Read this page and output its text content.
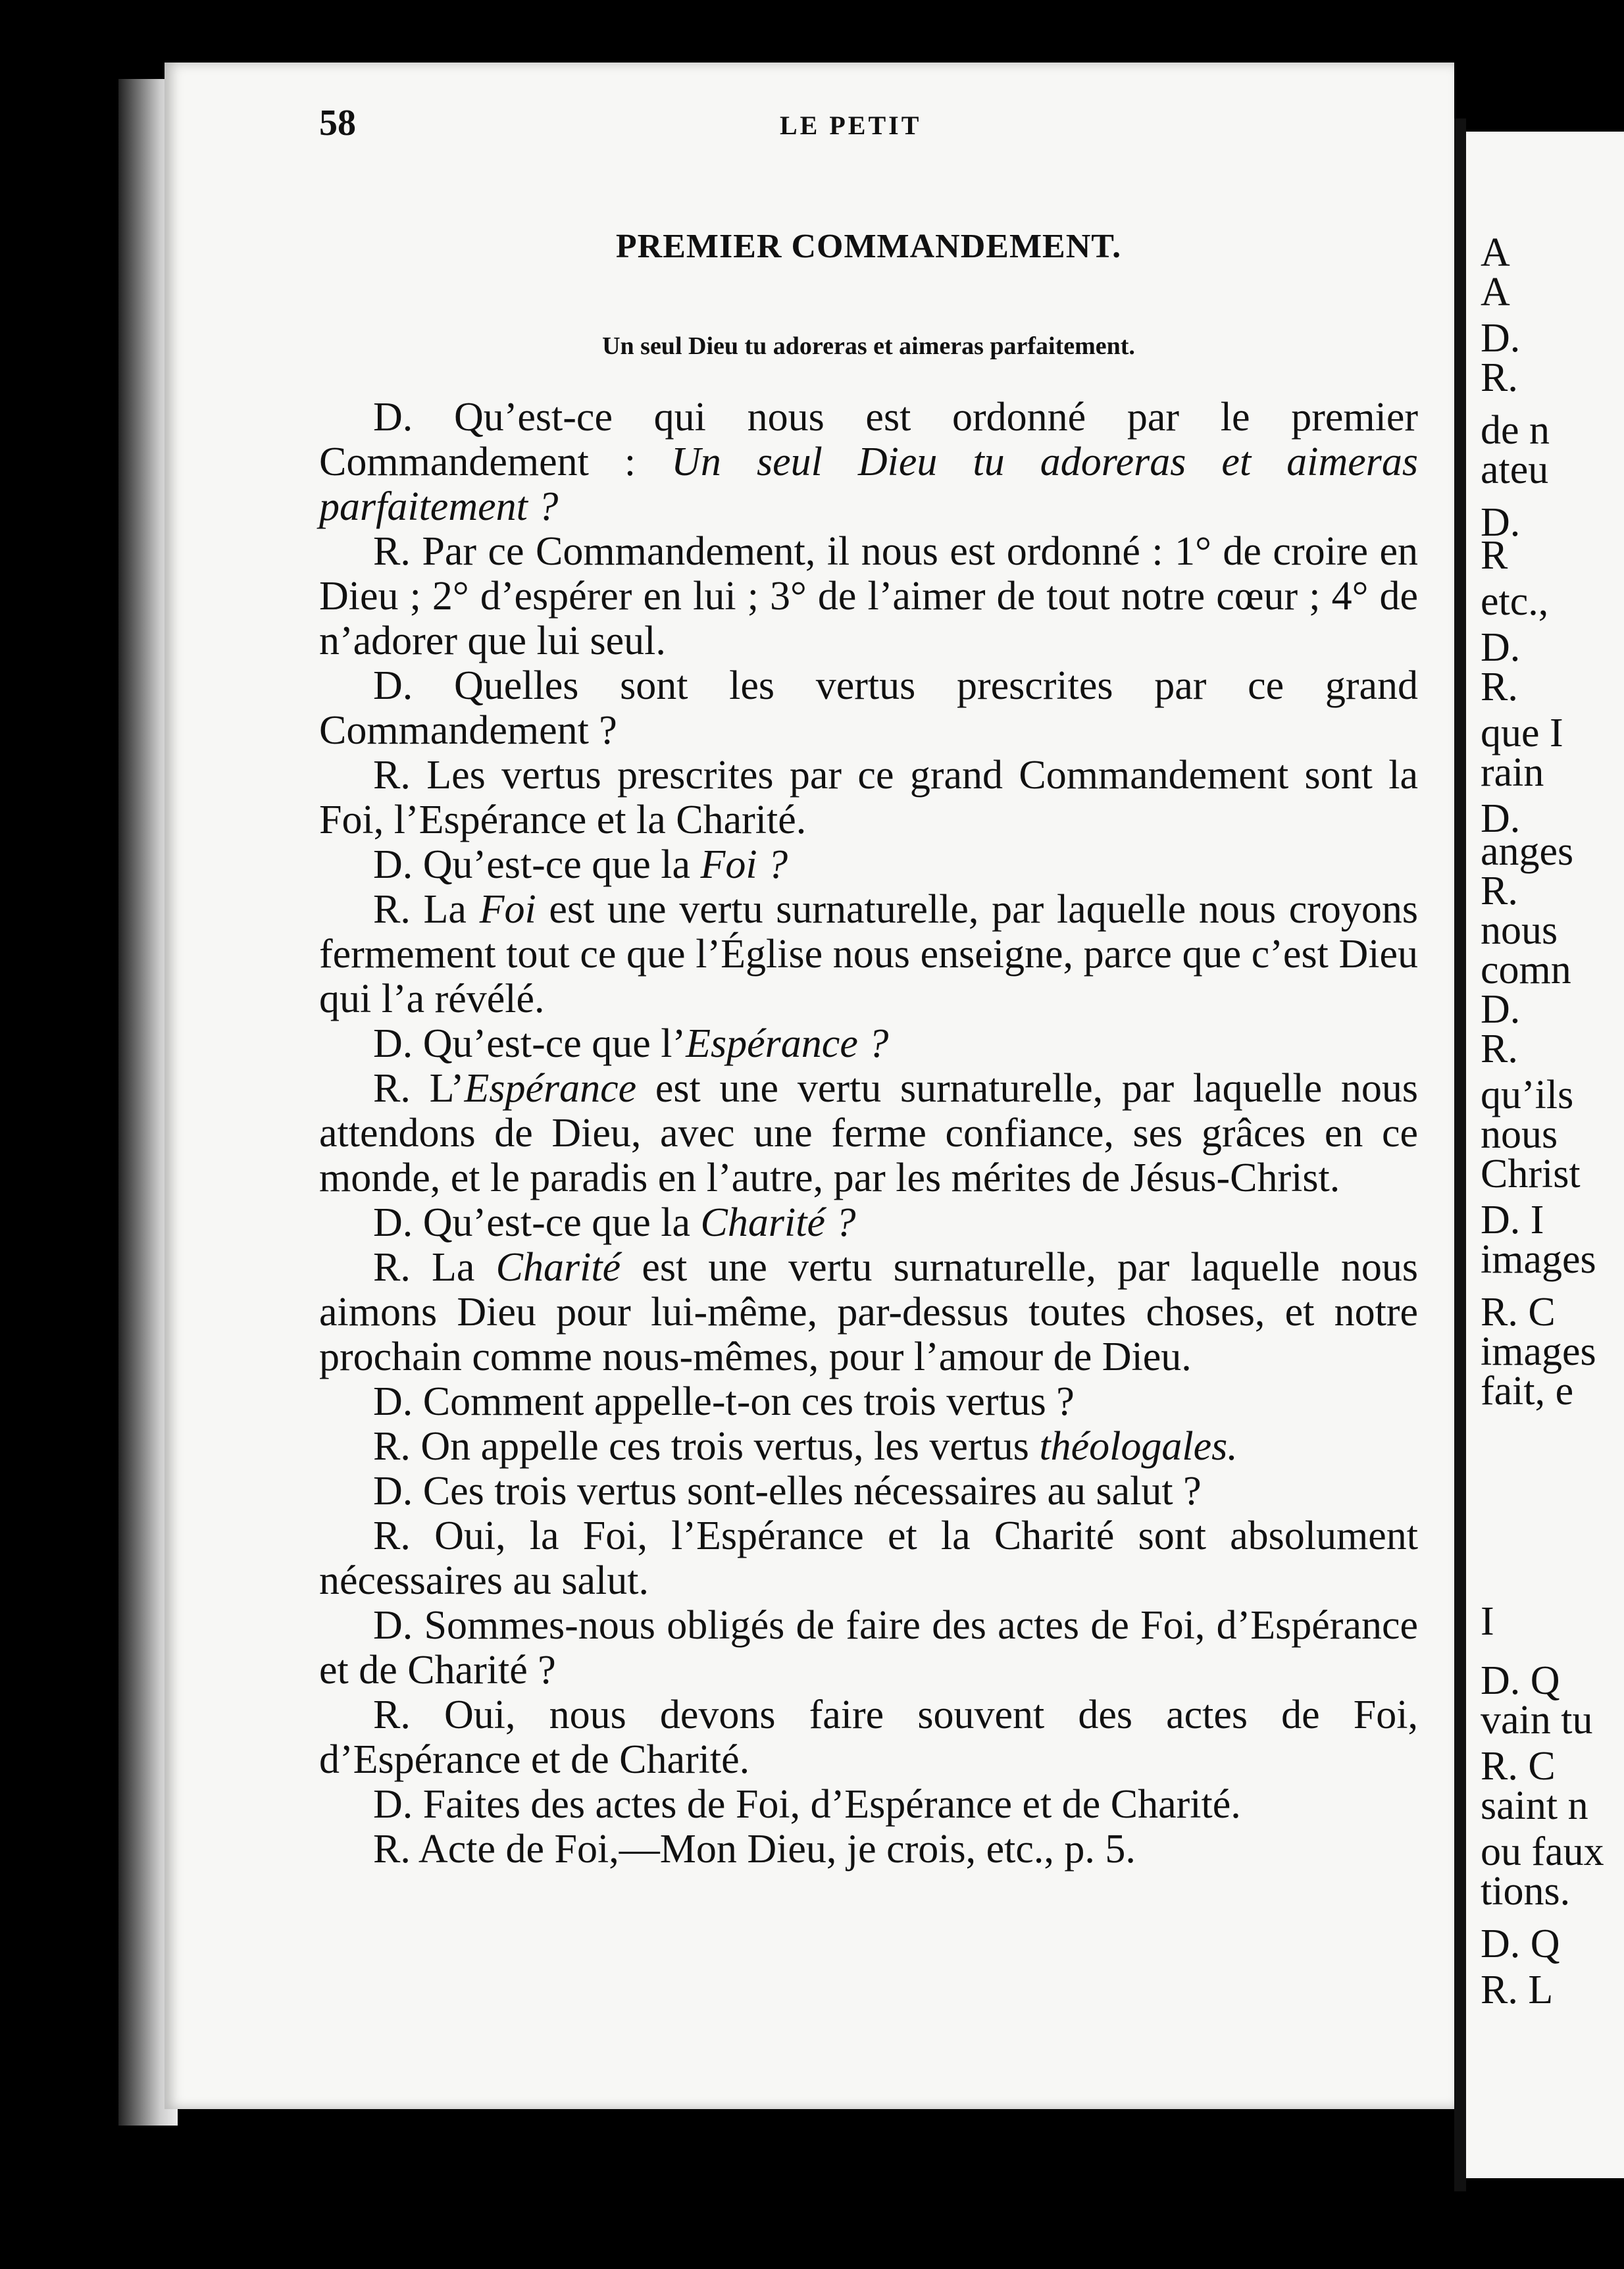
58	LE PETIT
PREMIER COMMANDEMENT.
Un seul Dieu tu adoreras et aimeras parfaitement.

D. Qu’est-ce qui nous est ordonné par le premier Commandement : Un seul Dieu tu adoreras et aimeras parfaitement ?

R. Par ce Commandement, il nous est ordonné : 1° de croire en Dieu ; 2° d’espérer en lui ; 3° de l’aimer de tout notre cœur ; 4° de n’adorer que lui seul.

D. Quelles sont les vertus prescrites par ce grand Commandement ?

R. Les vertus prescrites par ce grand Commandement sont la Foi, l’Espérance et la Charité.

D. Qu’est-ce que la Foi ?

R. La Foi est une vertu surnaturelle, par laquelle nous croyons fermement tout ce que l’Église nous enseigne, parce que c’est Dieu qui l’a révélé.

D. Qu’est-ce que l’Espérance ?

R. L’Espérance est une vertu surnaturelle, par laquelle nous attendons de Dieu, avec une ferme confiance, ses grâces en ce monde, et le paradis en l’autre, par les mérites de Jésus-Christ.

D. Qu’est-ce que la Charité ?

R. La Charité est une vertu surnaturelle, par laquelle nous aimons Dieu pour lui-même, par-dessus toutes choses, et notre prochain comme nous-mêmes, pour l’amour de Dieu.

D. Comment appelle-t-on ces trois vertus ?

R. On appelle ces trois vertus, les vertus théologales.

D. Ces trois vertus sont-elles nécessaires au salut ?

R. Oui, la Foi, l’Espérance et la Charité sont absolument nécessaires au salut.

D. Sommes-nous obligés de faire des actes de Foi, d’Espérance et de Charité ?

R. Oui, nous devons faire souvent des actes de Foi, d’Espérance et de Charité.

D. Faites des actes de Foi, d’Espérance et de Charité.

R. Acte de Foi,—Mon Dieu, je crois, etc., p. 5.

A
A
D.
R.
de n
ateu
D.
R
etc.,
D.
R.
que I
rain
D.
anges
R.
nous
comn
D.
R.
qu’ils
nous
Christ
D. I
images
R. C
images
fait, e
I
D. Q
vain tu
R. C
saint n
ou faux
tions.
D. Q
R. L
